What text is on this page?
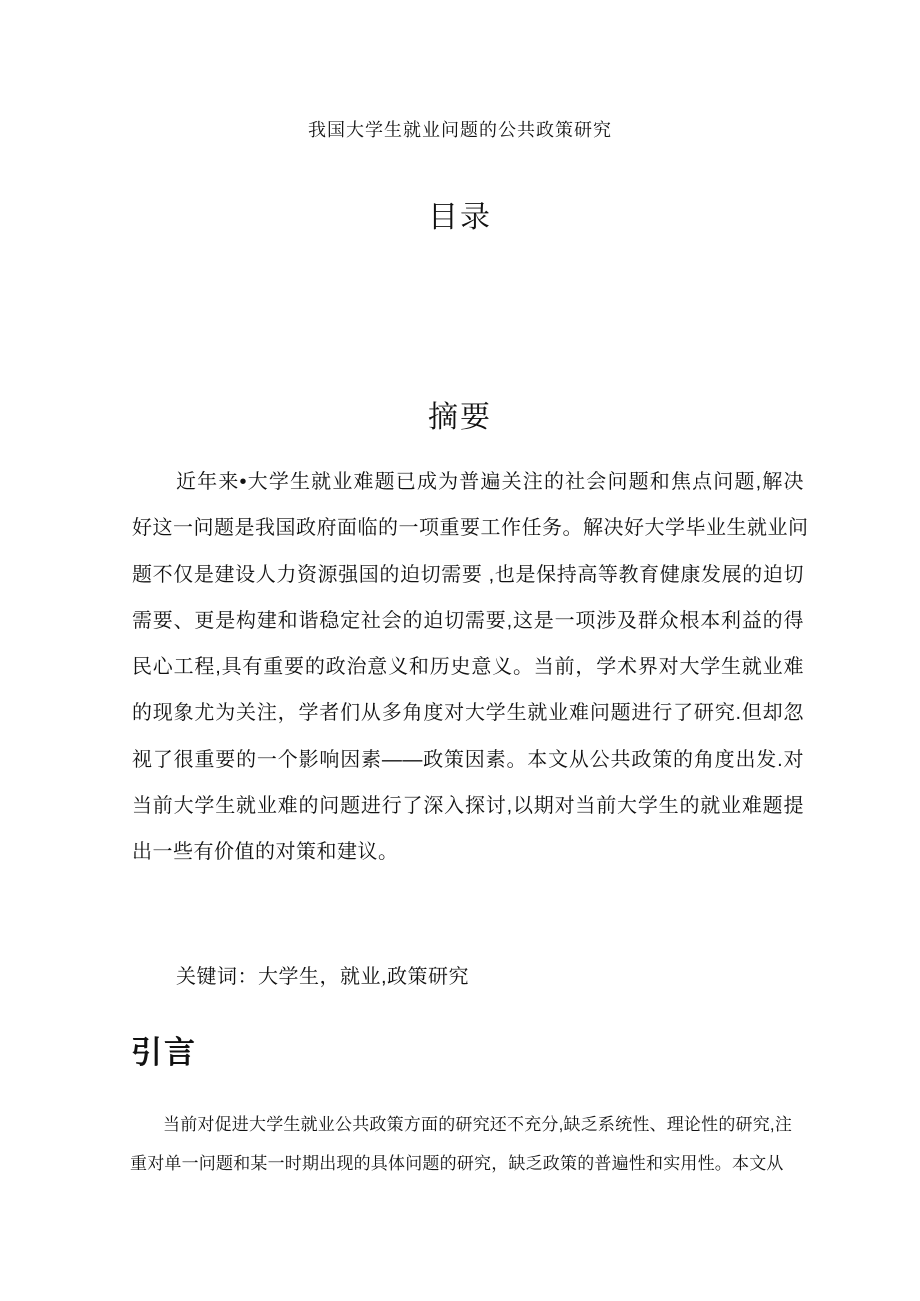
我国大学生就业问题的公共政策研究
目录
摘要
近年来•大学生就业难题已成为普遍关注的社会问题和焦点问题,解决
好这一问题是我国政府面临的一项重要工作任务。解决好大学毕业生就业问
题不仅是建设人力资源强国的迫切需要 ,也是保持高等教育健康发展的迫切
需要、更是构建和谐稳定社会的迫切需要,这是一项涉及群众根本利益的得
民心工程,具有重要的政治意义和历史意义。当前，学术界对大学生就业难
的现象尤为关注，学者们从多角度对大学生就业难问题进行了研究.但却忽
视了很重要的一个影响因素——政策因素。本文从公共政策的角度出发.对
当前大学生就业难的问题进行了深入探讨,以期对当前大学生的就业难题提
出一些有价值的对策和建议。
关键词：大学生，就业,政策研究
引言
当前对促进大学生就业公共政策方面的研究还不充分,缺乏系统性、理论性的研究,注
重对单一问题和某一时期出现的具体问题的研究，缺乏政策的普遍性和实用性。本文从
